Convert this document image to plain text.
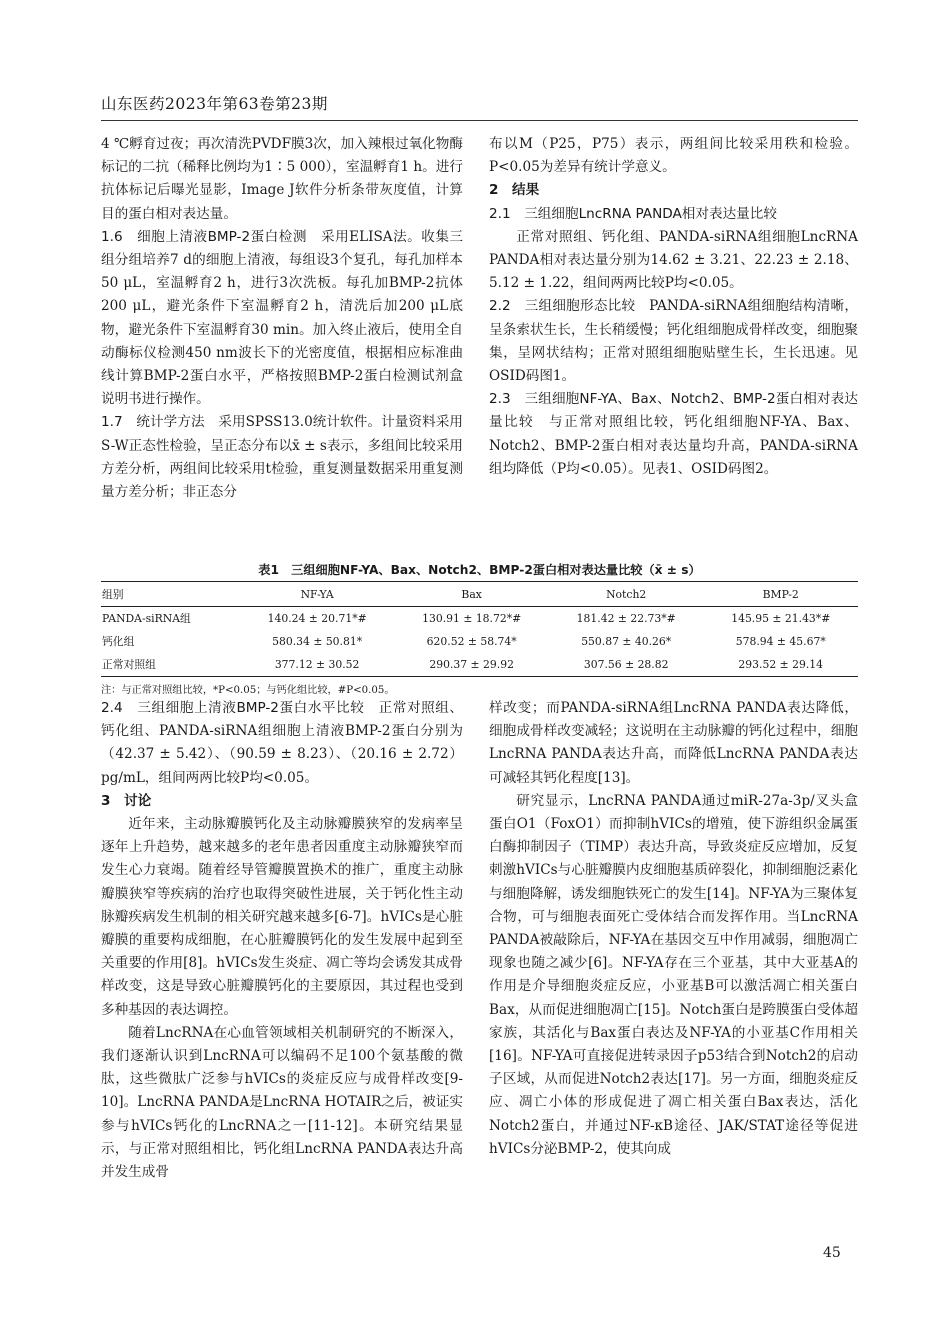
山东医药2023年第63卷第23期

4 ℃孵育过夜；再次清洗PVDF膜3次，加入辣根过氧化物酶标记的二抗（稀释比例均为1∶5 000），室温孵育1 h。进行抗体标记后曝光显影，Image J软件分析条带灰度值，计算目的蛋白相对表达量。

1.6　细胞上清液BMP-2蛋白检测　采用ELISA法。收集三组分组培养7 d的细胞上清液，每组设3个复孔，每孔加样本50 μL，室温孵育2 h，进行3次洗板。每孔加BMP-2抗体200 μL，避光条件下室温孵育2 h，清洗后加200 μL底物，避光条件下室温孵育30 min。加入终止液后，使用全自动酶标仪检测450 nm波长下的光密度值，根据相应标准曲线计算BMP-2蛋白水平，严格按照BMP-2蛋白检测试剂盒说明书进行操作。

1.7　统计学方法　采用SPSS13.0统计软件。计量资料采用S-W正态性检验，呈正态分布以x̄ ± s表示，多组间比较采用方差分析，两组间比较采用t检验，重复测量数据采用重复测量方差分析；非正态分

布以M（P25，P75）表示，两组间比较采用秩和检验。P<0.05为差异有统计学意义。

2　结果

2.1　三组细胞LncRNA PANDA相对表达量比较

正常对照组、钙化组、PANDA-siRNA组细胞LncRNA PANDA相对表达量分别为14.62 ± 3.21、22.23 ± 2.18、5.12 ± 1.22，组间两两比较P均<0.05。

2.2　三组细胞形态比较　PANDA-siRNA组细胞结构清晰，呈条索状生长，生长稍缓慢；钙化组细胞成骨样改变，细胞聚集，呈网状结构；正常对照组细胞贴壁生长，生长迅速。见OSID码图1。

2.3　三组细胞NF-YA、Bax、Notch2、BMP-2蛋白相对表达量比较　与正常对照组比较，钙化组细胞NF-YA、Bax、Notch2、BMP-2蛋白相对表达量均升高，PANDA-siRNA组均降低（P均<0.05）。见表1、OSID码图2。

表1　三组细胞NF-YA、Bax、Notch2、BMP-2蛋白相对表达量比较（x̄ ± s）
组别	NF-YA	Bax	Notch2	BMP-2
PANDA-siRNA组	140.24 ± 20.71*#	130.91 ± 18.72*#	181.42 ± 22.73*#	145.95 ± 21.43*#
钙化组	580.34 ± 50.81*	620.52 ± 58.74*	550.87 ± 40.26*	578.94 ± 45.67*
正常对照组	377.12 ± 30.52	290.37 ± 29.92	307.56 ± 28.82	293.52 ± 29.14
注：与正常对照组比较，*P<0.05；与钙化组比较，#P<0.05。

2.4　三组细胞上清液BMP-2蛋白水平比较　正常对照组、钙化组、PANDA-siRNA组细胞上清液BMP-2蛋白分别为（42.37 ± 5.42）、（90.59 ± 8.23）、（20.16 ± 2.72）pg/mL，组间两两比较P均<0.05。

3　讨论

近年来，主动脉瓣膜钙化及主动脉瓣膜狭窄的发病率呈逐年上升趋势，越来越多的老年患者因重度主动脉瓣狭窄而发生心力衰竭。随着经导管瓣膜置换术的推广，重度主动脉瓣膜狭窄等疾病的治疗也取得突破性进展，关于钙化性主动脉瓣疾病发生机制的相关研究越来越多[6-7]。hVICs是心脏瓣膜的重要构成细胞，在心脏瓣膜钙化的发生发展中起到至关重要的作用[8]。hVICs发生炎症、凋亡等均会诱发其成骨样改变，这是导致心脏瓣膜钙化的主要原因，其过程也受到多种基因的表达调控。

随着LncRNA在心血管领域相关机制研究的不断深入，我们逐渐认识到LncRNA可以编码不足100个氨基酸的微肽，这些微肽广泛参与hVICs的炎症反应与成骨样改变[9-10]。LncRNA PANDA是LncRNA HOTAIR之后，被证实参与hVICs钙化的LncRNA之一[11-12]。本研究结果显示，与正常对照组相比，钙化组LncRNA PANDA表达升高并发生成骨

样改变；而PANDA-siRNA组LncRNA PANDA表达降低，细胞成骨样改变减轻；这说明在主动脉瓣的钙化过程中，细胞LncRNA PANDA表达升高，而降低LncRNA PANDA表达可减轻其钙化程度[13]。

研究显示，LncRNA PANDA通过miR-27a-3p/叉头盒蛋白O1（FoxO1）而抑制hVICs的增殖，使下游组织金属蛋白酶抑制因子（TIMP）表达升高，导致炎症反应增加，反复刺激hVICs与心脏瓣膜内皮细胞基质碎裂化，抑制细胞泛素化与细胞降解，诱发细胞铁死亡的发生[14]。NF-YA为三聚体复合物，可与细胞表面死亡受体结合而发挥作用。当LncRNA PANDA被敲除后，NF-YA在基因交互中作用减弱，细胞凋亡现象也随之减少[6]。NF-YA存在三个亚基，其中大亚基A的作用是介导细胞炎症反应，小亚基B可以激活凋亡相关蛋白Bax，从而促进细胞凋亡[15]。Notch蛋白是跨膜蛋白受体超家族，其活化与Bax蛋白表达及NF-YA的小亚基C作用相关[16]。NF-YA可直接促进转录因子p53结合到Notch2的启动子区域，从而促进Notch2表达[17]。另一方面，细胞炎症反应、凋亡小体的形成促进了凋亡相关蛋白Bax表达，活化Notch2蛋白，并通过NF-κB途径、JAK/STAT途径等促进hVICs分泌BMP-2，使其向成

45
